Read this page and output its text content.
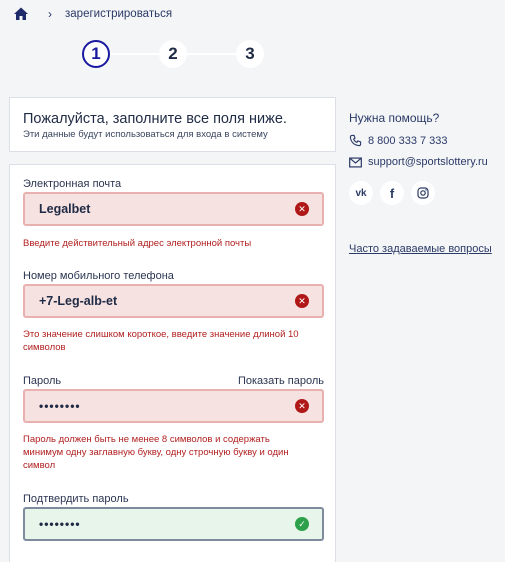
› зарегистрироваться
1	2	3
Пожалуйста, заполните все поля ниже.
Эти данные будут использоваться для входа в систему
Электронная почта
Legalbet	✕
Введите действительный адрес электронной почты
Номер мобильного телефона
+7-Leg-alb-et	✕
Это значение слишком короткое, введите значение длиной 10
символов
Пароль	Показать пароль
••••••••	✕
Пароль должен быть не менее 8 символов и содержать
минимум одну заглавную букву, одну строчную букву и один
символ
Подтвердить пароль
••••••••	✓
Нужна помощь?
8 800 333 7 333
support@sportslottery.ru
vk	f
Часто задаваемые вопросы
